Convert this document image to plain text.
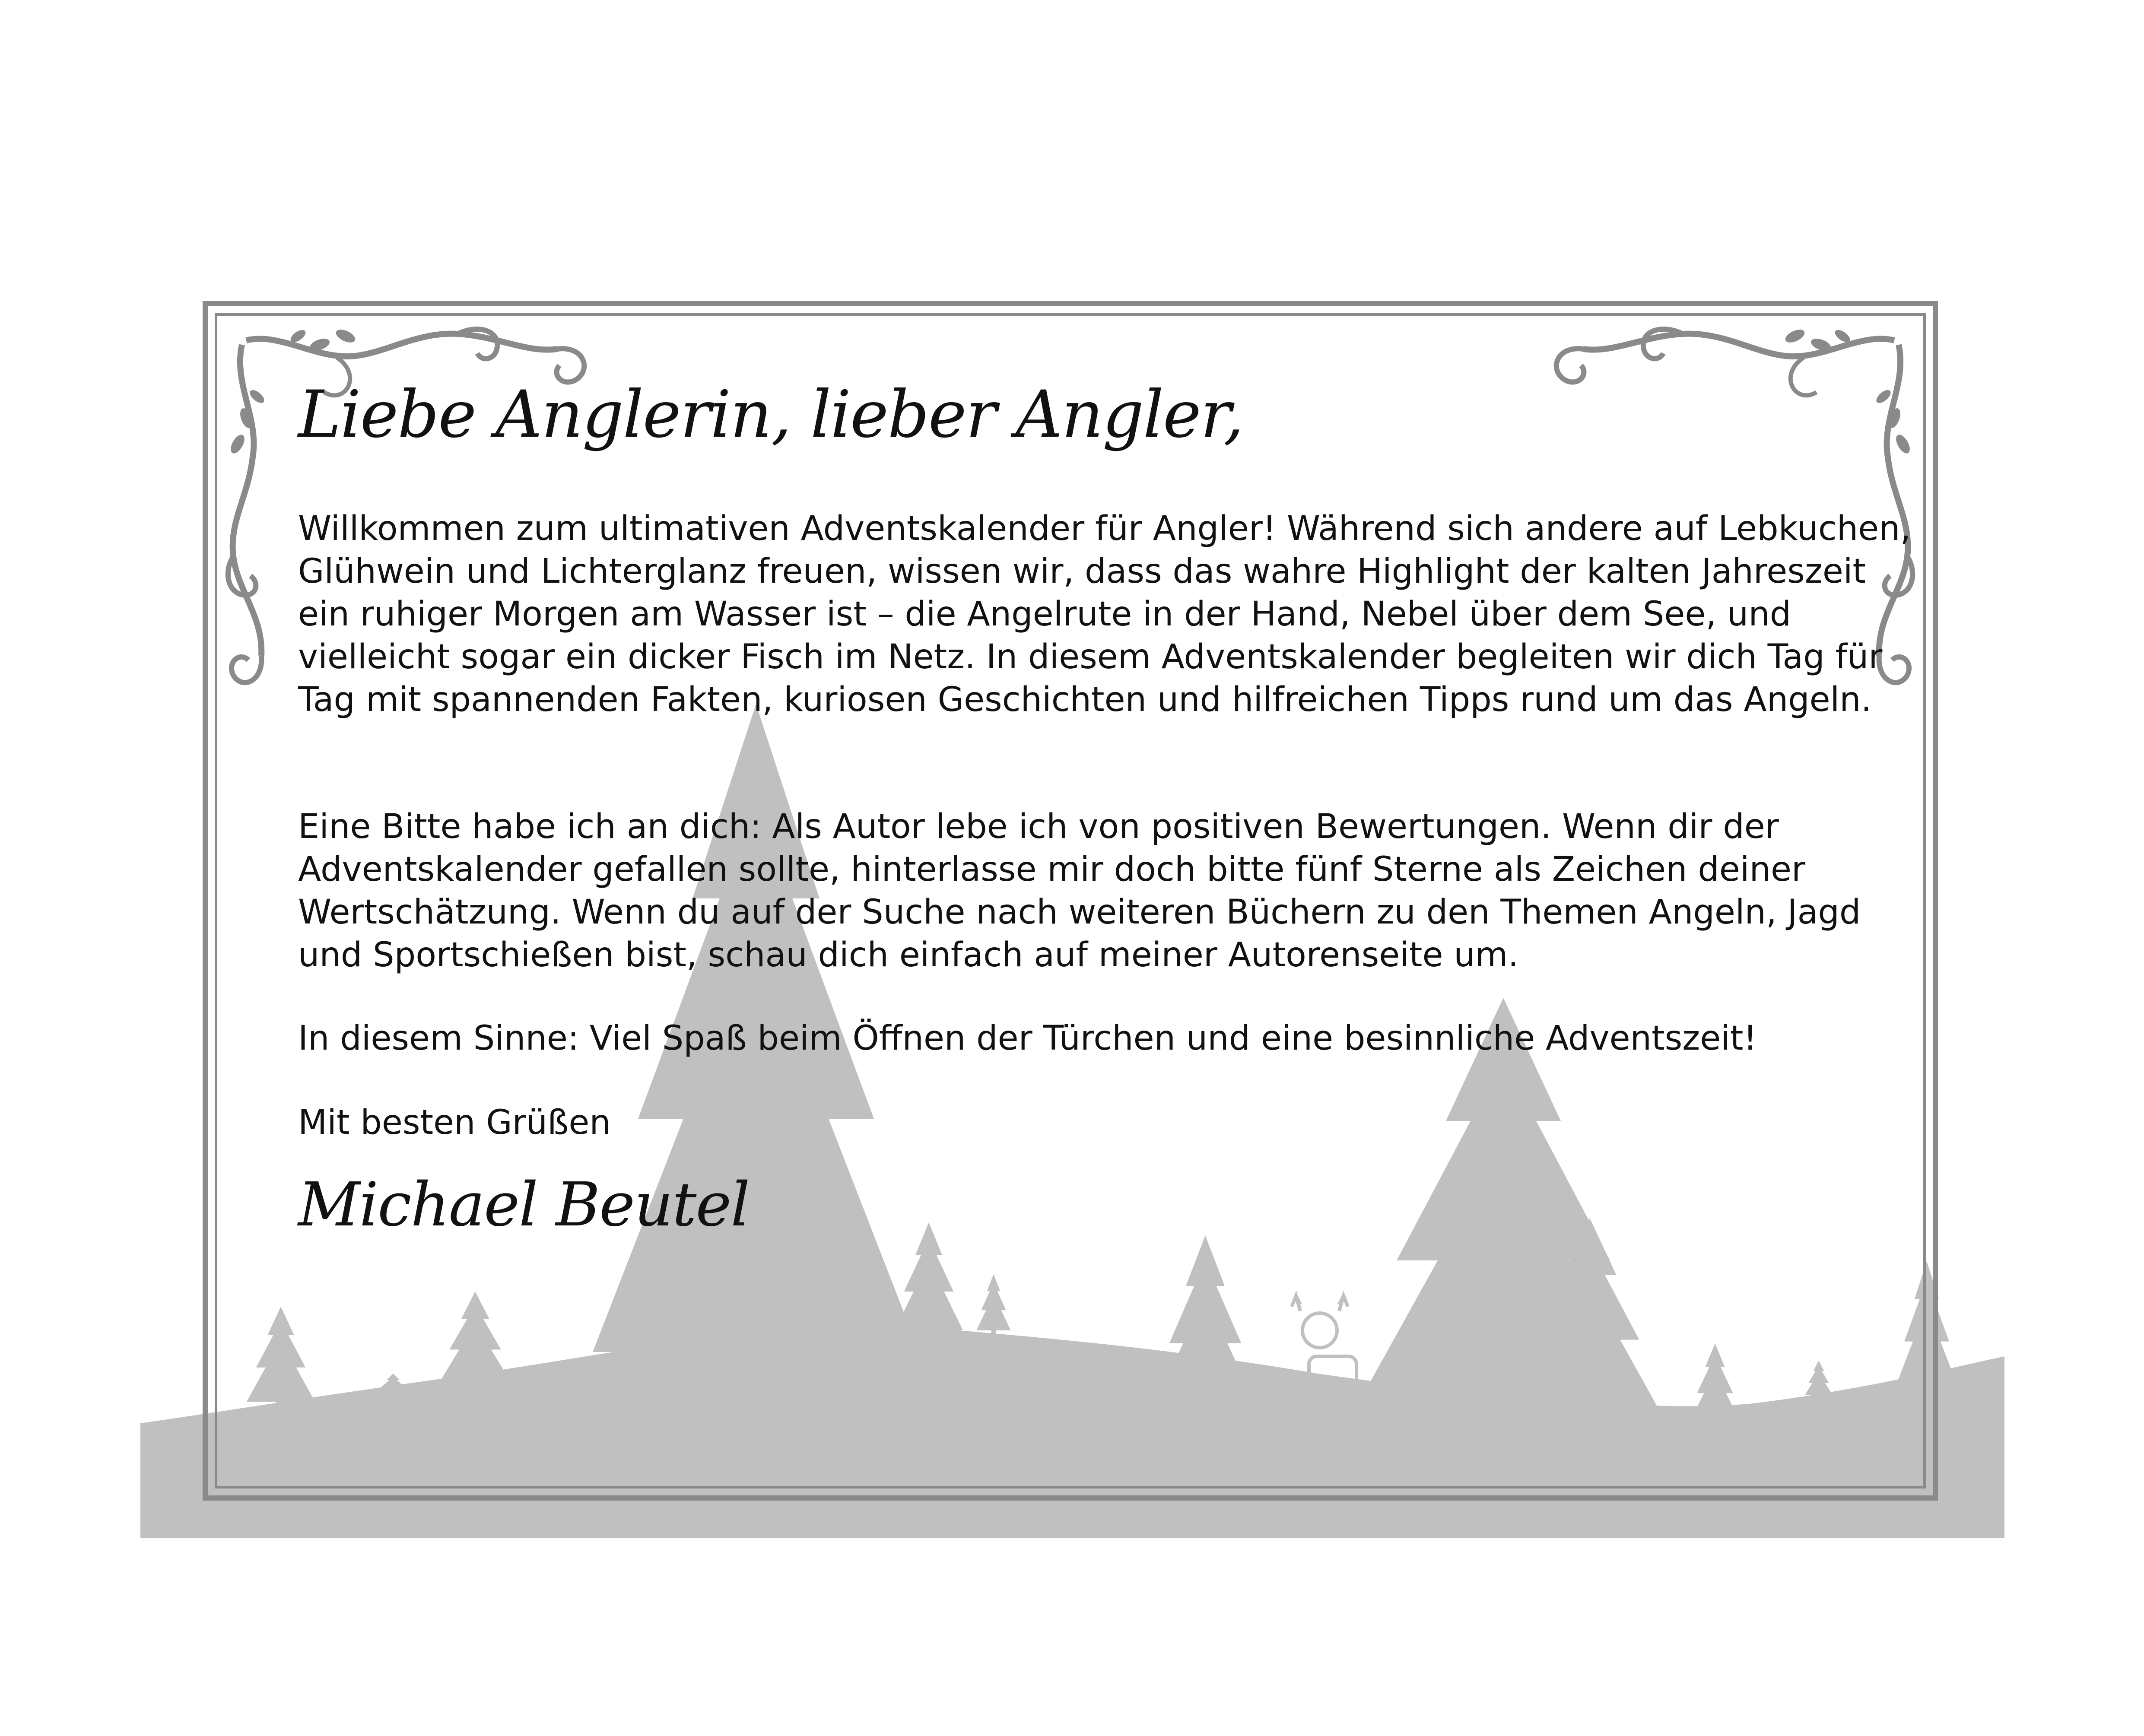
Liebe Anglerin, lieber Angler,

Willkommen zum ultimativen Adventskalender für Angler! Während sich andere auf Lebkuchen, Glühwein und Lichterglanz freuen, wissen wir, dass das wahre Highlight der kalten Jahreszeit ein ruhiger Morgen am Wasser ist – die Angelrute in der Hand, Nebel über dem See, und vielleicht sogar ein dicker Fisch im Netz. In diesem Adventskalender begleiten wir dich Tag für Tag mit spannenden Fakten, kuriosen Geschichten und hilfreichen Tipps rund um das Angeln.

Eine Bitte habe ich an dich: Als Autor lebe ich von positiven Bewertungen. Wenn dir der Adventskalender gefallen sollte, hinterlasse mir doch bitte fünf Sterne als Zeichen deiner Wertschätzung. Wenn du auf der Suche nach weiteren Büchern zu den Themen Angeln, Jagd und Sportschießen bist, schau dich einfach auf meiner Autorenseite um.

In diesem Sinne: Viel Spaß beim Öffnen der Türchen und eine besinnliche Adventszeit!

Mit besten Grüßen

Michael Beutel
